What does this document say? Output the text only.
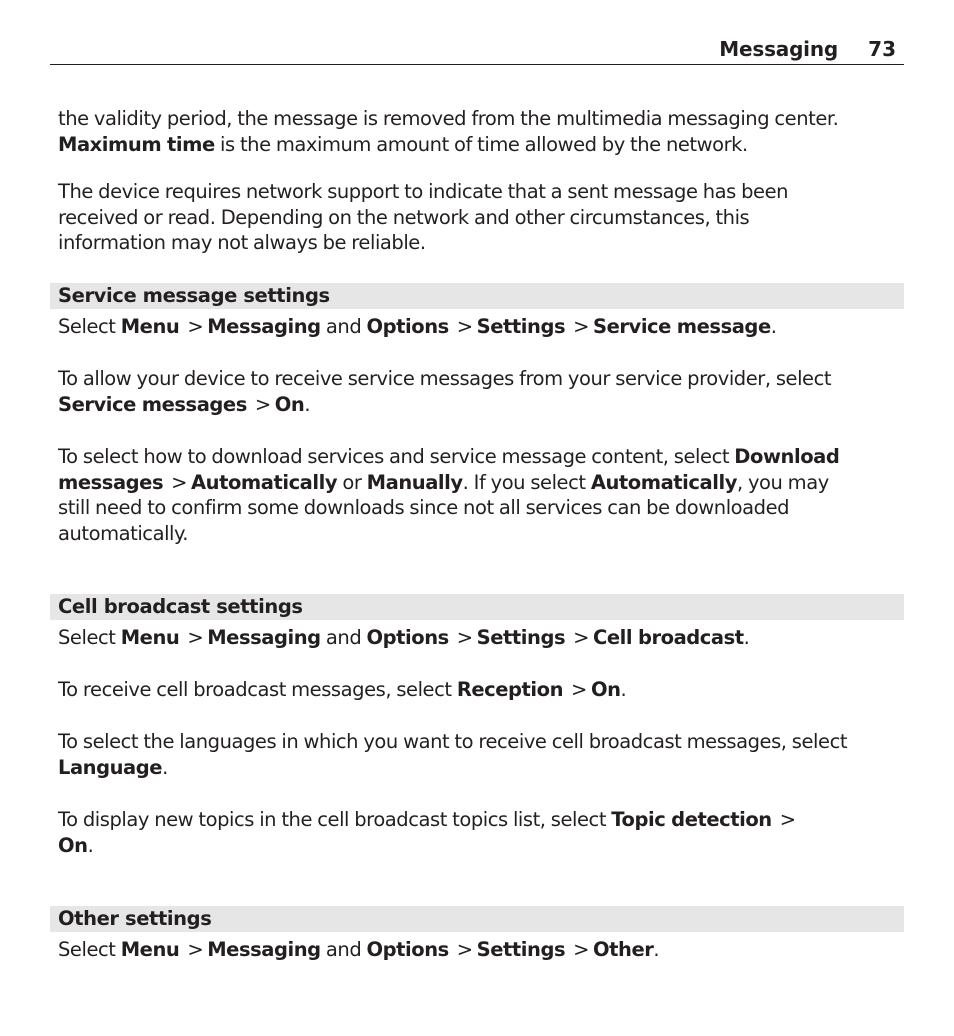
Messaging 73
the validity period, the message is removed from the multimedia messaging center.
Maximum time is the maximum amount of time allowed by the network.
The device requires network support to indicate that a sent message has been
received or read. Depending on the network and other circumstances, this
information may not always be reliable.
Service message settings
Select Menu > Messaging and Options > Settings > Service message.
To allow your device to receive service messages from your service provider, select
Service messages > On.
To select how to download services and service message content, select Download
messages > Automatically or Manually. If you select Automatically, you may
still need to confirm some downloads since not all services can be downloaded
automatically.
Cell broadcast settings
Select Menu > Messaging and Options > Settings > Cell broadcast.
To receive cell broadcast messages, select Reception > On.
To select the languages in which you want to receive cell broadcast messages, select
Language.
To display new topics in the cell broadcast topics list, select Topic detection >
On.
Other settings
Select Menu > Messaging and Options > Settings > Other.
